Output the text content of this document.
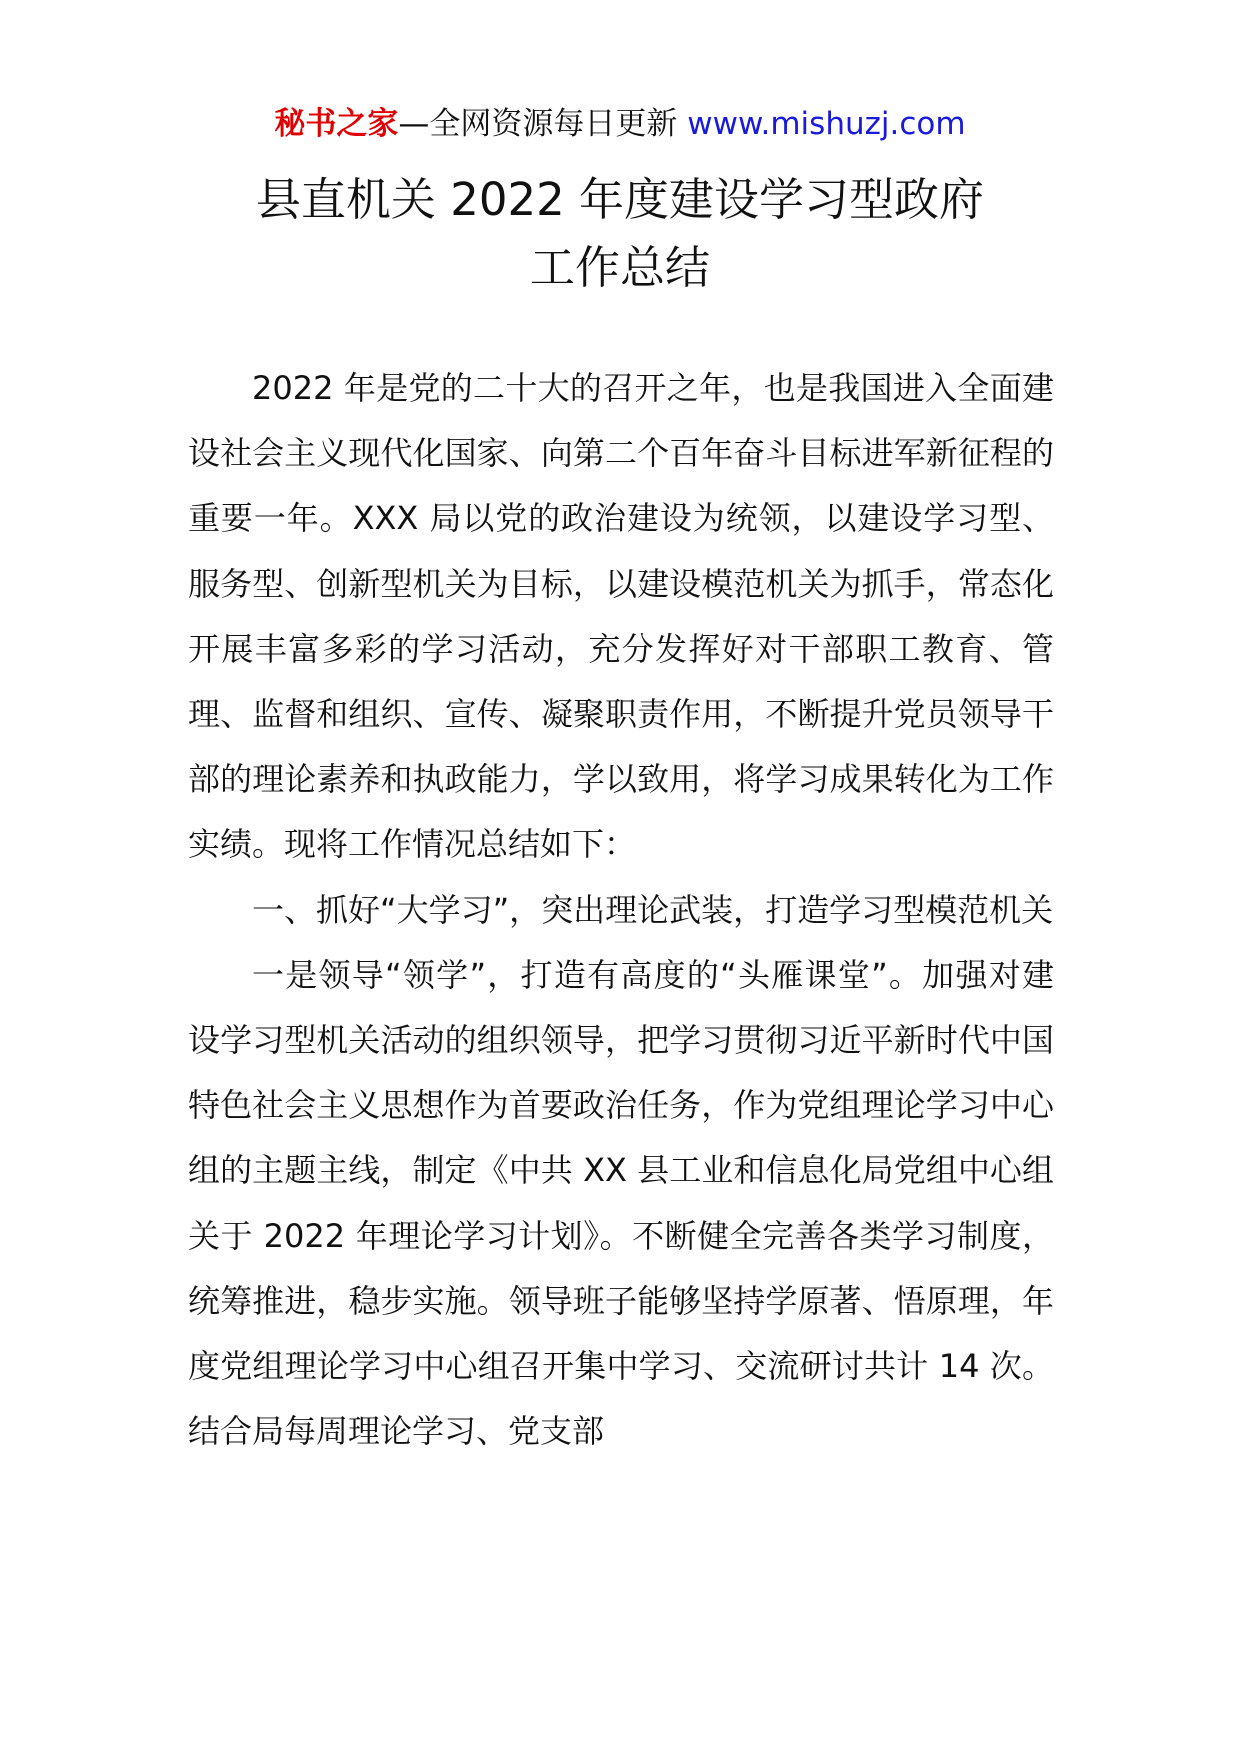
秘书之家—全网资源每日更新 www.mishuzj.com
县直机关 2022 年度建设学习型政府
工作总结

2022 年是党的二十大的召开之年，也是我国进入全面建设社会主义现代化国家、向第二个百年奋斗目标进军新征程的重要一年。XXX 局以党的政治建设为统领，以建设学习型、服务型、创新型机关为目标，以建设模范机关为抓手，常态化开展丰富多彩的学习活动，充分发挥好对干部职工教育、管理、监督和组织、宣传、凝聚职责作用，不断提升党员领导干部的理论素养和执政能力，学以致用，将学习成果转化为工作实绩。现将工作情况总结如下：

一、抓好“大学习”，突出理论武装，打造学习型模范机关

一是领导“领学”，打造有高度的“头雁课堂”。加强对建设学习型机关活动的组织领导，把学习贯彻习近平新时代中国特色社会主义思想作为首要政治任务，作为党组理论学习中心组的主题主线，制定《中共 XX 县工业和信息化局党组中心组关于 2022 年理论学习计划》。不断健全完善各类学习制度，统筹推进，稳步实施。领导班子能够坚持学原著、悟原理，年度党组理论学习中心组召开集中学习、交流研讨共计 14 次。结合局每周理论学习、党支部
